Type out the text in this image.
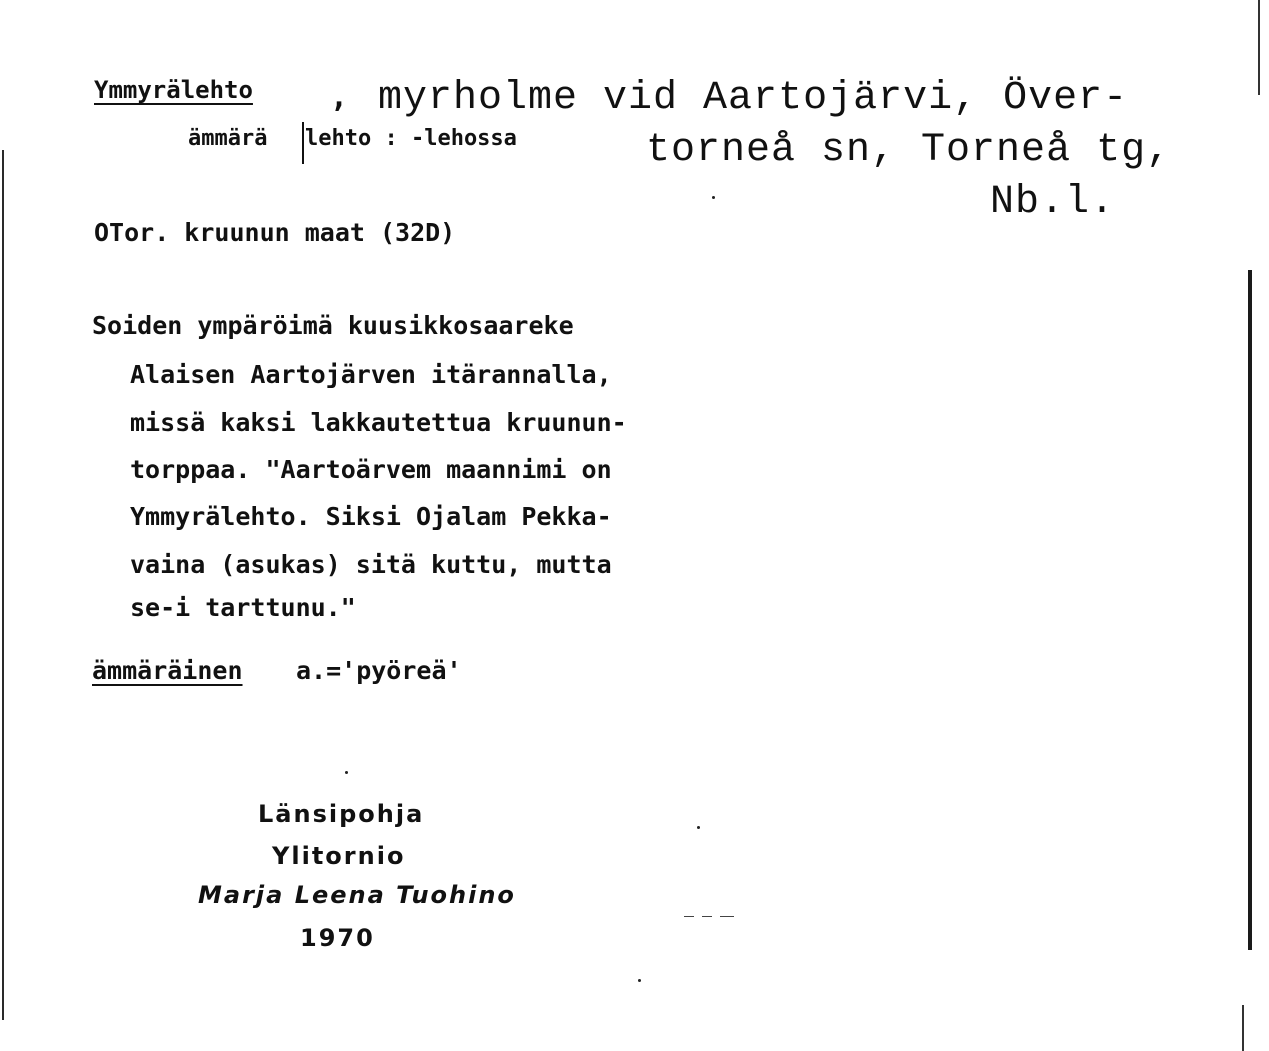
Ymmyrälehto	, myrholme vid Aartojärvi, Över-

ämmärä lehto : -lehossa	torneå sn, Torneå tg,

Nb.l.

OTor. kruunun maat (32D)

Soiden ympäröimä kuusikkosaareke

Alaisen Aartojärven itärannalla,

missä kaksi lakkautettua kruunun-

torppaa. "Aartoärvem maannimi on

Ymmyrälehto. Siksi Ojalam Pekka-

vaina (asukas) sitä kuttu, mutta

se-i tarttunu."

ämmäräinen a.='pyöreä'

Länsipohja

Ylitornio

Marja Leena Tuohino

1970
